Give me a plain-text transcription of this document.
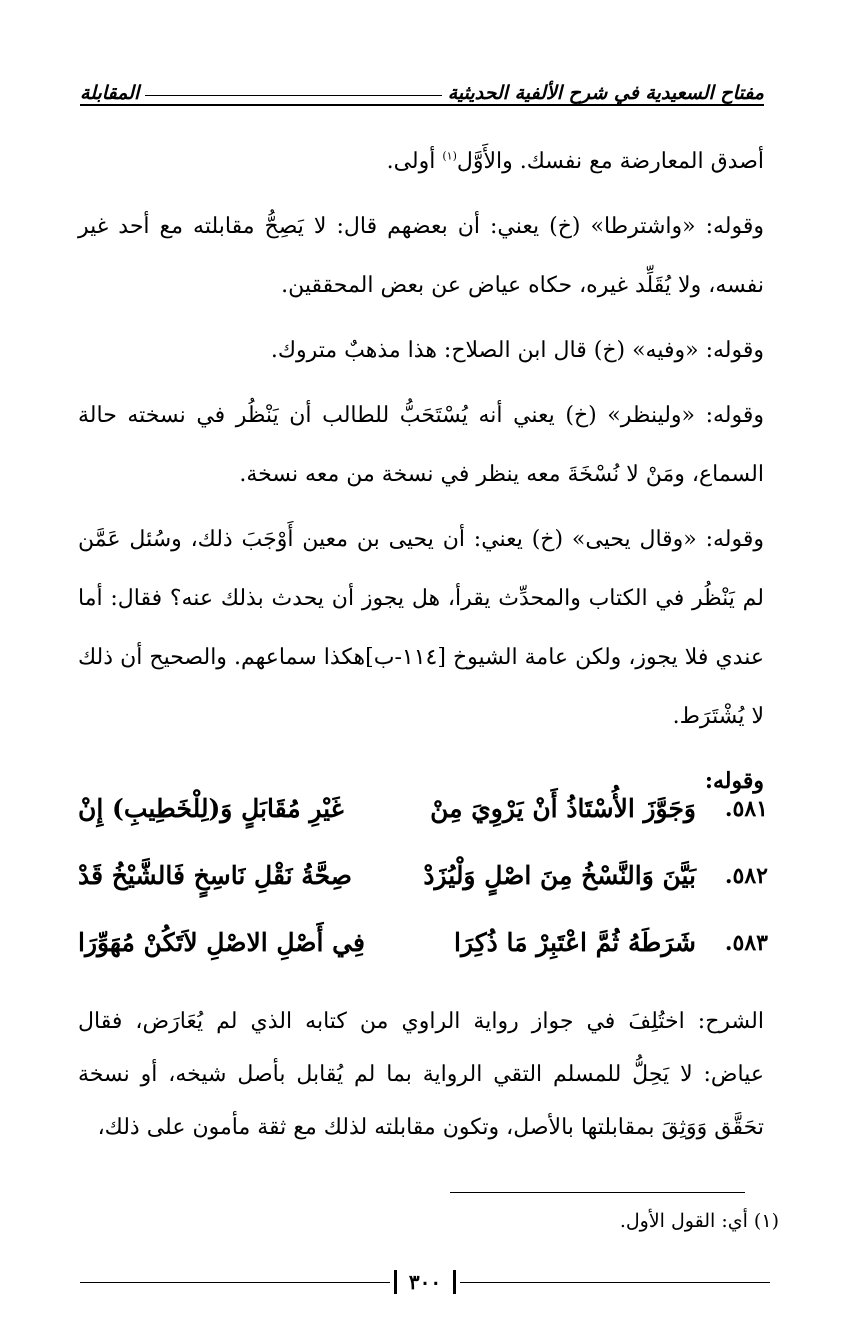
مفتاح السعيدية في شرح الألفية الحديثية
المقابلة

أصدق المعارضة مع نفسك. والأَوَّل$^{(١)}$ أولى.

وقوله: «واشترطا» (خ) يعني: أن بعضهم قال: لا يَصِحُّ مقابلته مع أحد غير نفسه، ولا يُقَلِّد غيره، حكاه عياض عن بعض المحققين.

وقوله: «وفيه» (خ) قال ابن الصلاح: هذا مذهبٌ متروك.

وقوله: «ولينظر» (خ) يعني أنه يُسْتَحَبُّ للطالب أن يَنْظُر في نسخته حالة السماع، ومَنْ لا نُسْخَةَ معه ينظر في نسخة من معه نسخة.

وقوله: «وقال يحيى» (خ) يعني: أن يحيى بن معين أَوْجَبَ ذلك، وسُئل عَمَّن لم يَنْظُر في الكتاب والمحدِّث يقرأ، هل يجوز أن يحدث بذلك عنه؟ فقال: أما عندي فلا يجوز، ولكن عامة الشيوخ [١١٤-ب]هكذا سماعهم. والصحيح أن ذلك لا يُشْتَرَط.

وقوله:

٥٨١.
وَجَوَّزَ الأُسْتَاذُ أَنْ يَرْوِيَ مِنْ
غَيْرِ مُقَابَلٍ وَ(لِلْخَطِيبِ) إِنْ
٥٨٢.
بَيَّنَ وَالنَّسْخُ مِنَ اصْلٍ وَلْيُزَدْ
صِحَّةُ نَقْلِ نَاسِخٍ فَالشَّيْخُ قَدْ
٥٨٣.
شَرَطَهُ ثُمَّ اعْتَبِرْ مَا ذُكِرَا
فِي أَصْلِ الاصْلِ لاَتَكُنْ مُهَوِّرَا
الشرح: اختُلِفَ في جواز رواية الراوي من كتابه الذي لم يُعَارَض، فقال عياض: لا يَحِلُّ للمسلم التقي الرواية بما لم يُقابل بأصل شيخه، أو نسخة تحَقَّق وَوَثِقَ بمقابلتها بالأصل، وتكون مقابلته لذلك مع ثقة مأمون على ذلك،
(١) أي: القول الأول.
٣٠٠
